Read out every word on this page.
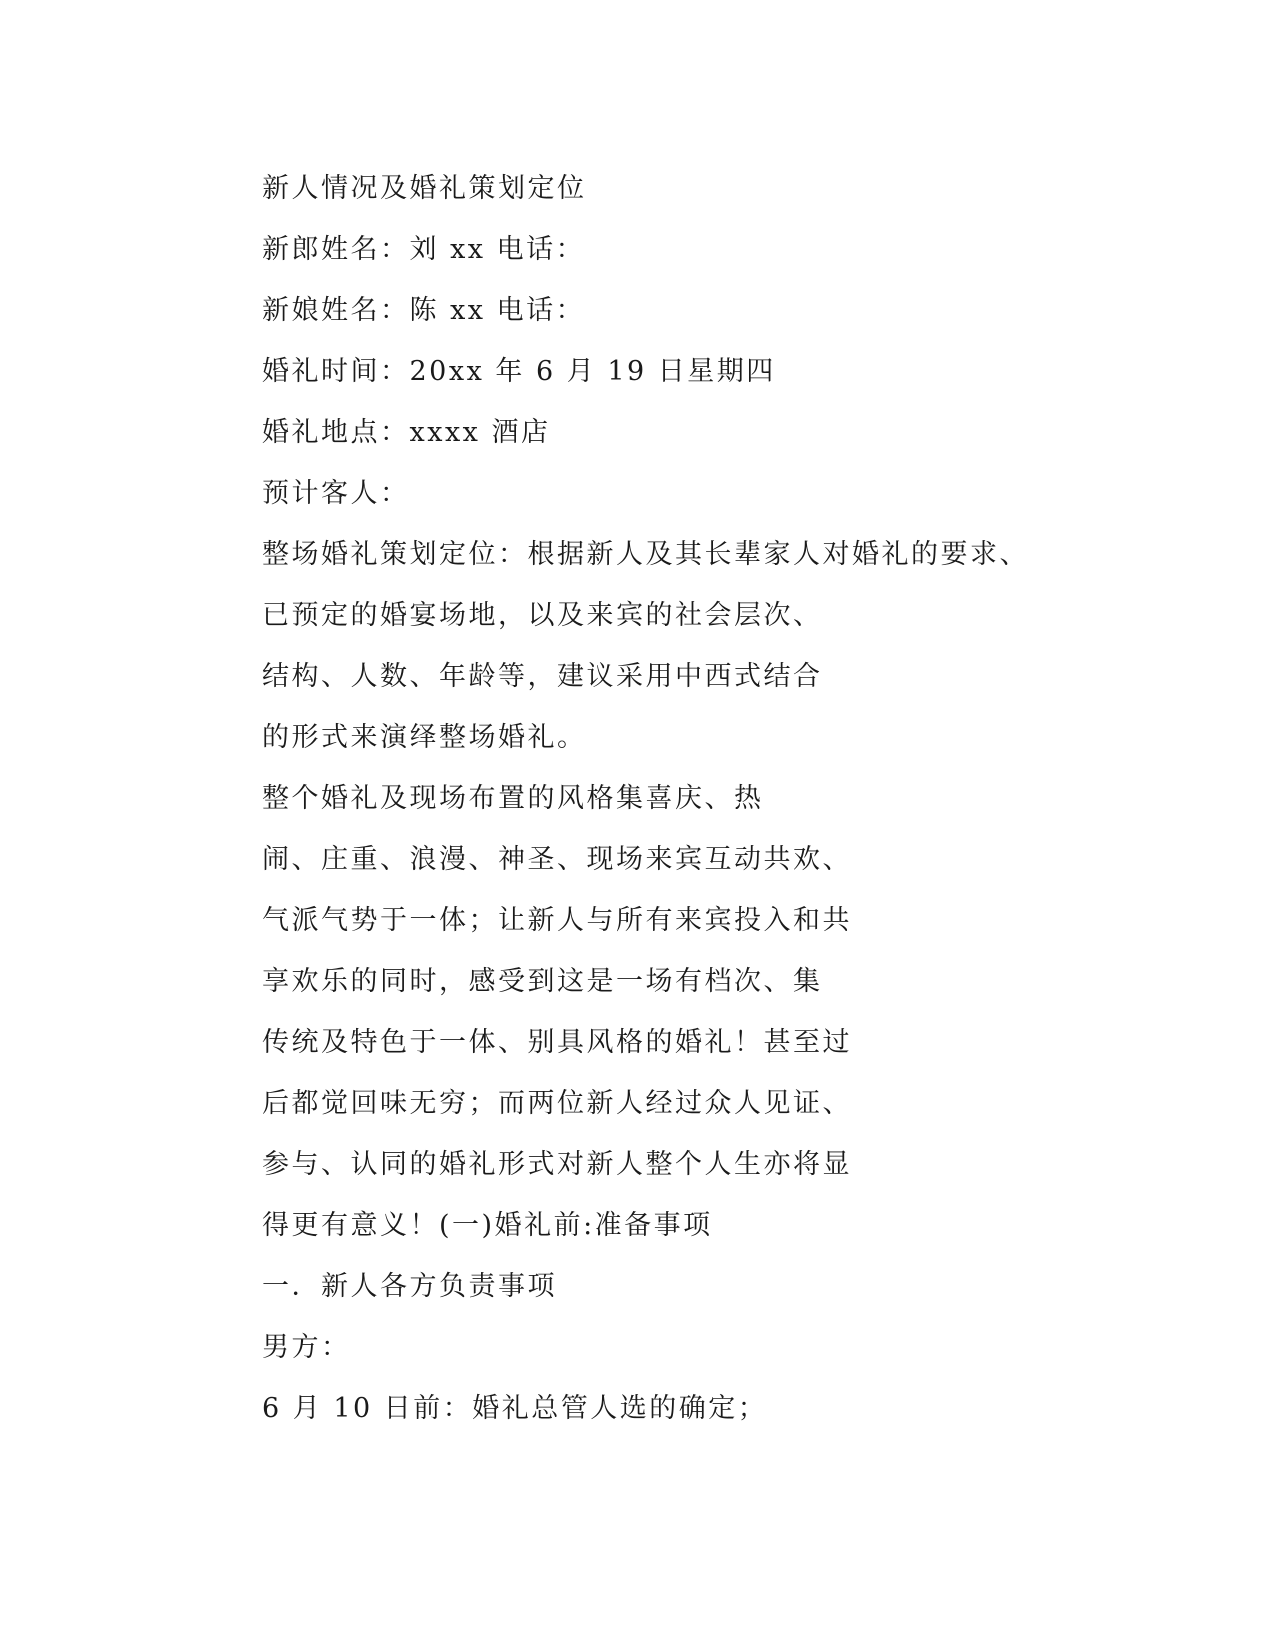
新人情况及婚礼策划定位
新郎姓名：刘 xx 电话：
新娘姓名：陈 xx 电话：
婚礼时间：20xx 年 6 月 19 日星期四
婚礼地点：xxxx 酒店
预计客人：
整场婚礼策划定位：根据新人及其长辈家人对婚礼的要求、
已预定的婚宴场地，以及来宾的社会层次、
结构、人数、年龄等，建议采用中西式结合
的形式来演绎整场婚礼。
整个婚礼及现场布置的风格集喜庆、热
闹、庄重、浪漫、神圣、现场来宾互动共欢、
气派气势于一体；让新人与所有来宾投入和共
享欢乐的同时，感受到这是一场有档次、集
传统及特色于一体、别具风格的婚礼！甚至过
后都觉回味无穷；而两位新人经过众人见证、
参与、认同的婚礼形式对新人整个人生亦将显
得更有意义！(一)婚礼前:准备事项
一．新人各方负责事项
男方：
6 月 10 日前：婚礼总管人选的确定；
